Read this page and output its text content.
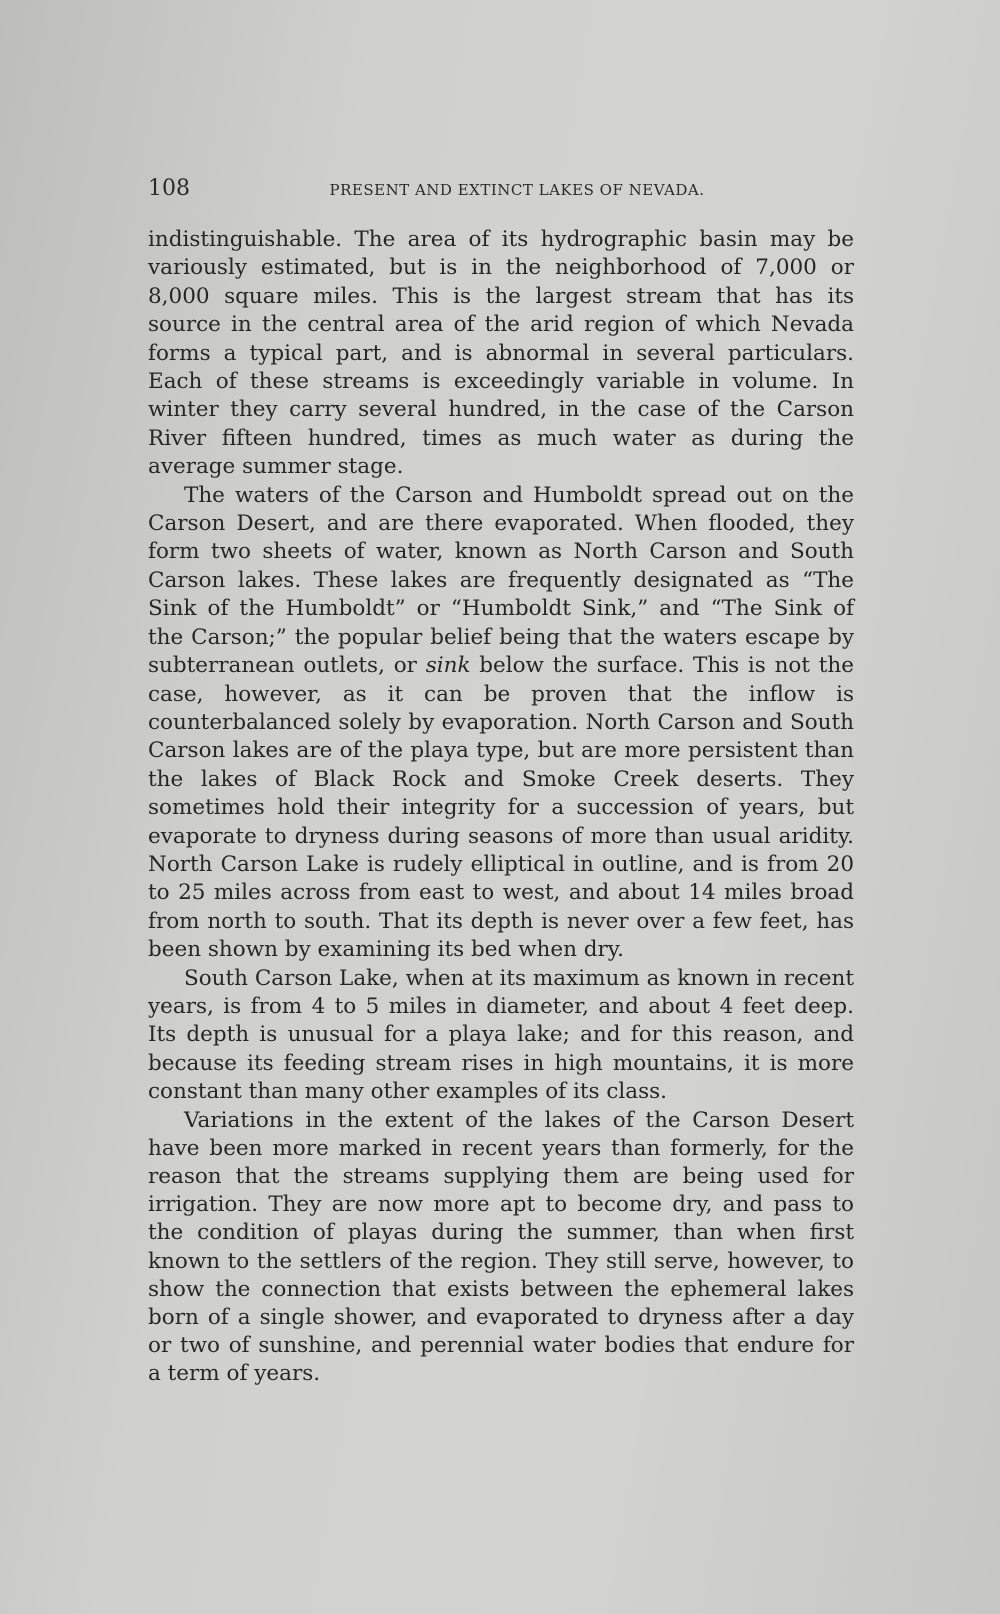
108	PRESENT AND EXTINCT LAKES OF NEVADA.

indistinguishable. The area of its hydrographic basin may be variously estimated, but is in the neighborhood of 7,000 or 8,000 square miles. This is the largest stream that has its source in the central area of the arid region of which Nevada forms a typical part, and is abnormal in several particulars. Each of these streams is exceedingly variable in volume. In winter they carry several hundred, in the case of the Carson River fifteen hundred, times as much water as during the average summer stage.

The waters of the Carson and Humboldt spread out on the Carson Desert, and are there evaporated. When flooded, they form two sheets of water, known as North Carson and South Carson lakes. These lakes are frequently designated as “The Sink of the Humboldt” or “Humboldt Sink,” and “The Sink of the Carson;” the popular belief being that the waters escape by subterranean outlets, or sink below the surface. This is not the case, however, as it can be proven that the inflow is counterbalanced solely by evaporation. North Carson and South Carson lakes are of the playa type, but are more persistent than the lakes of Black Rock and Smoke Creek deserts. They sometimes hold their integrity for a succession of years, but evaporate to dryness during seasons of more than usual aridity. North Carson Lake is rudely elliptical in outline, and is from 20 to 25 miles across from east to west, and about 14 miles broad from north to south. That its depth is never over a few feet, has been shown by examining its bed when dry.

South Carson Lake, when at its maximum as known in recent years, is from 4 to 5 miles in diameter, and about 4 feet deep. Its depth is unusual for a playa lake; and for this reason, and because its feeding stream rises in high mountains, it is more constant than many other examples of its class.

Variations in the extent of the lakes of the Carson Desert have been more marked in recent years than formerly, for the reason that the streams supplying them are being used for irrigation. They are now more apt to become dry, and pass to the condition of playas during the summer, than when first known to the settlers of the region. They still serve, however, to show the connection that exists between the ephemeral lakes born of a single shower, and evaporated to dryness after a day or two of sunshine, and perennial water bodies that endure for a term of years.
